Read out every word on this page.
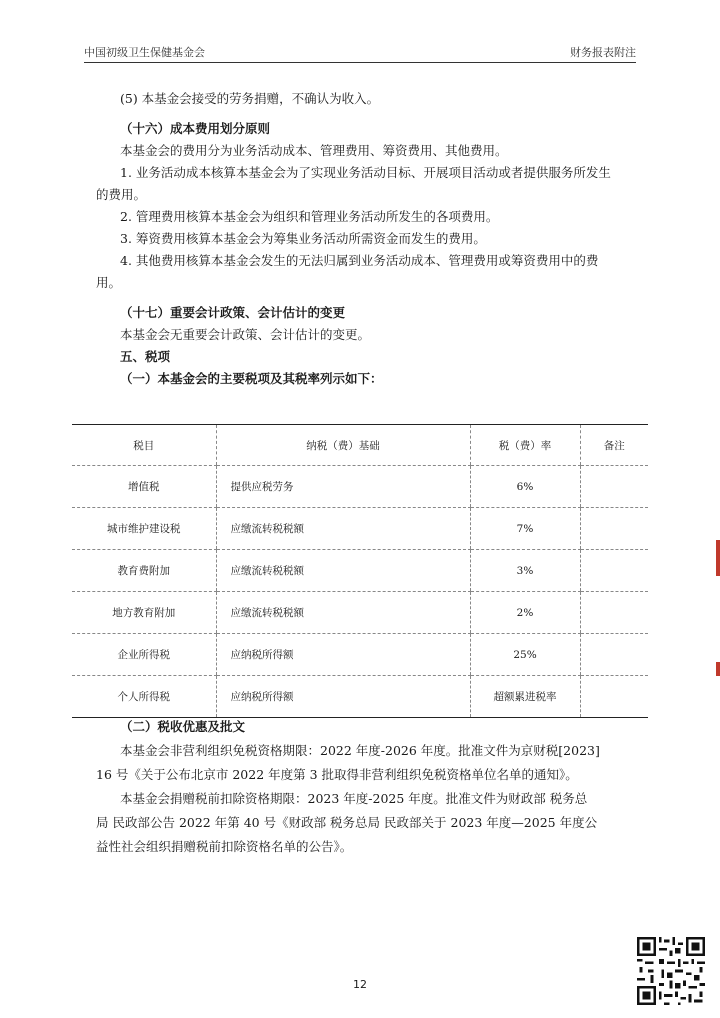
中国初级卫生保健基金会	财务报表附注

(5) 本基金会接受的劳务捐赠，不确认为收入。

（十六）成本费用划分原则

本基金会的费用分为业务活动成本、管理费用、筹资费用、其他费用。

1. 业务活动成本核算本基金会为了实现业务活动目标、开展项目活动或者提供服务所发生

的费用。

2. 管理费用核算本基金会为组织和管理业务活动所发生的各项费用。

3. 筹资费用核算本基金会为筹集业务活动所需资金而发生的费用。

4. 其他费用核算本基金会发生的无法归属到业务活动成本、管理费用或筹资费用中的费

用。

（十七）重要会计政策、会计估计的变更

本基金会无重要会计政策、会计估计的变更。

五、税项

（一）本基金会的主要税项及其税率列示如下：

税目	纳税（费）基础	税（费）率	备注
增值税	提供应税劳务	6%	
城市维护建设税	应缴流转税税额	7%	
教育费附加	应缴流转税税额	3%	
地方教育附加	应缴流转税税额	2%	
企业所得税	应纳税所得额	25%	
个人所得税	应纳税所得额	超额累进税率	

（二）税收优惠及批文

本基金会非营利组织免税资格期限：2022 年度-2026 年度。批准文件为京财税[2023]

16 号《关于公布北京市 2022 年度第 3 批取得非营利组织免税资格单位名单的通知》。

本基金会捐赠税前扣除资格期限：2023 年度-2025 年度。批准文件为财政部 税务总

局 民政部公告 2022 年第 40 号《财政部 税务总局 民政部关于 2023 年度—2025 年度公

益性社会组织捐赠税前扣除资格名单的公告》。

12
